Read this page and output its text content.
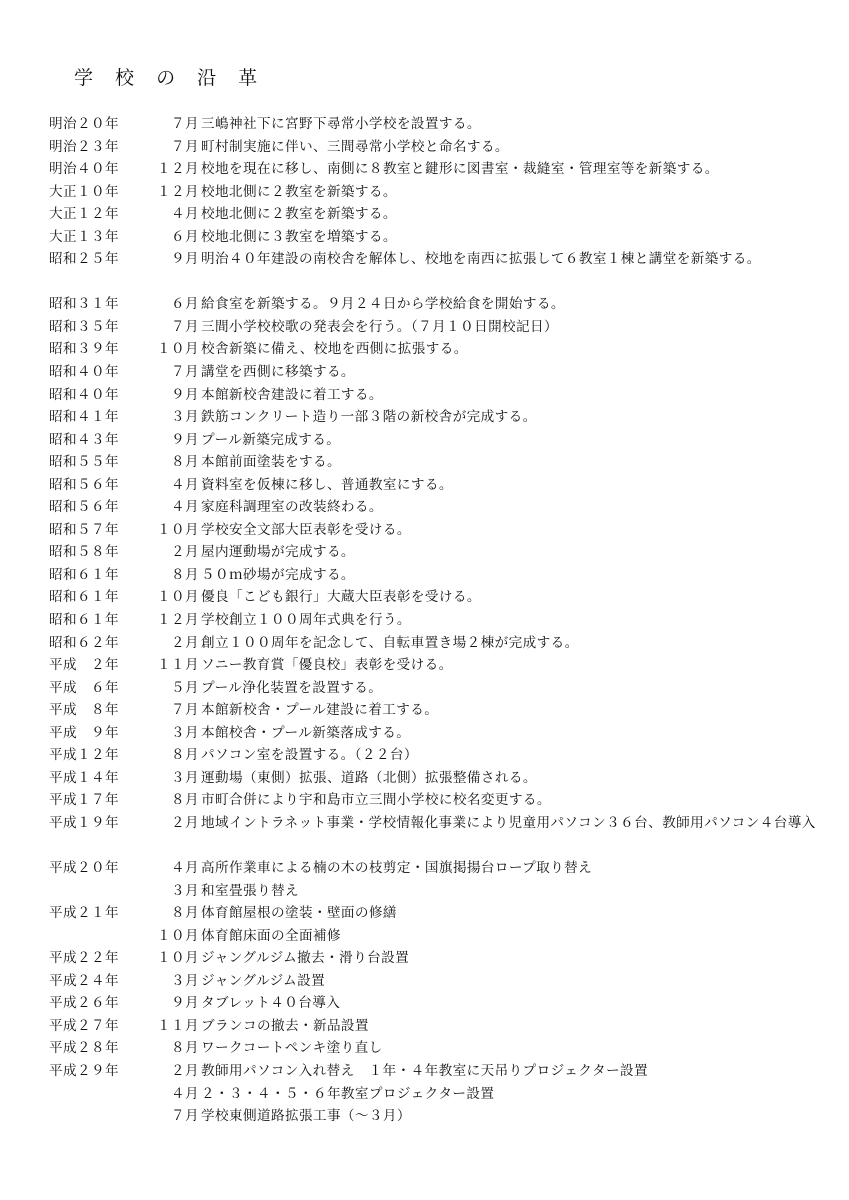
学 校 の 沿 革
明治２０年	７月 三嶋神社下に宮野下尋常小学校を設置する。
明治２３年	７月 町村制実施に伴い、三間尋常小学校と命名する。
明治４０年	１２月 校地を現在に移し、南側に８教室と鍵形に図書室・裁縫室・管理室等を新築する。
大正１０年	１２月 校地北側に２教室を新築する。
大正１２年	４月 校地北側に２教室を新築する。
大正１３年	６月 校地北側に３教室を増築する。
昭和２５年	９月 明治４０年建設の南校舎を解体し、校地を南西に拡張して６教室１棟と講堂を新築する。
昭和３１年	６月 給食室を新築する。９月２４日から学校給食を開始する。
昭和３５年	７月 三間小学校校歌の発表会を行う。（７月１０日開校記日）
昭和３９年	１０月 校舎新築に備え、校地を西側に拡張する。
昭和４０年	７月 講堂を西側に移築する。
昭和４０年	９月 本館新校舎建設に着工する。
昭和４１年	３月 鉄筋コンクリート造り一部３階の新校舎が完成する。
昭和４３年	９月 プール新築完成する。
昭和５５年	８月 本館前面塗装をする。
昭和５６年	４月 資料室を仮棟に移し、普通教室にする。
昭和５６年	４月 家庭科調理室の改装終わる。
昭和５７年	１０月 学校安全文部大臣表彰を受ける。
昭和５８年	２月 屋内運動場が完成する。
昭和６１年	８月 ５０ｍ砂場が完成する。
昭和６１年	１０月 優良「こども銀行」大蔵大臣表彰を受ける。
昭和６１年	１２月 学校創立１００周年式典を行う。
昭和６２年	２月 創立１００周年を記念して、自転車置き場２棟が完成する。
平成　２年	１１月 ソニー教育賞「優良校」表彰を受ける。
平成　６年	５月 プール浄化装置を設置する。
平成　８年	７月 本館新校舎・プール建設に着工する。
平成　９年	３月 本館校舎・プール新築落成する。
平成１２年	８月 パソコン室を設置する。（２２台）
平成１４年	３月 運動場（東側）拡張、道路（北側）拡張整備される。
平成１７年	８月 市町合併により宇和島市立三間小学校に校名変更する。
平成１９年	２月 地域イントラネット事業・学校情報化事業により児童用パソコン３６台、教師用パソコン４台導入
平成２０年	４月 高所作業車による楠の木の枝剪定・国旗掲揚台ロープ取り替え
３月 和室畳張り替え
平成２１年	８月 体育館屋根の塗装・壁面の修繕
１０月 体育館床面の全面補修
平成２２年	１０月 ジャングルジム撤去・滑り台設置
平成２４年	３月 ジャングルジム設置
平成２６年	９月 タブレット４０台導入
平成２７年	１１月 ブランコの撤去・新品設置
平成２８年	８月 ワークコートペンキ塗り直し
平成２９年	２月 教師用パソコン入れ替え　１年・４年教室に天吊りプロジェクター設置
４月 ２・３・４・５・６年教室プロジェクター設置
７月 学校東側道路拡張工事（～３月）
